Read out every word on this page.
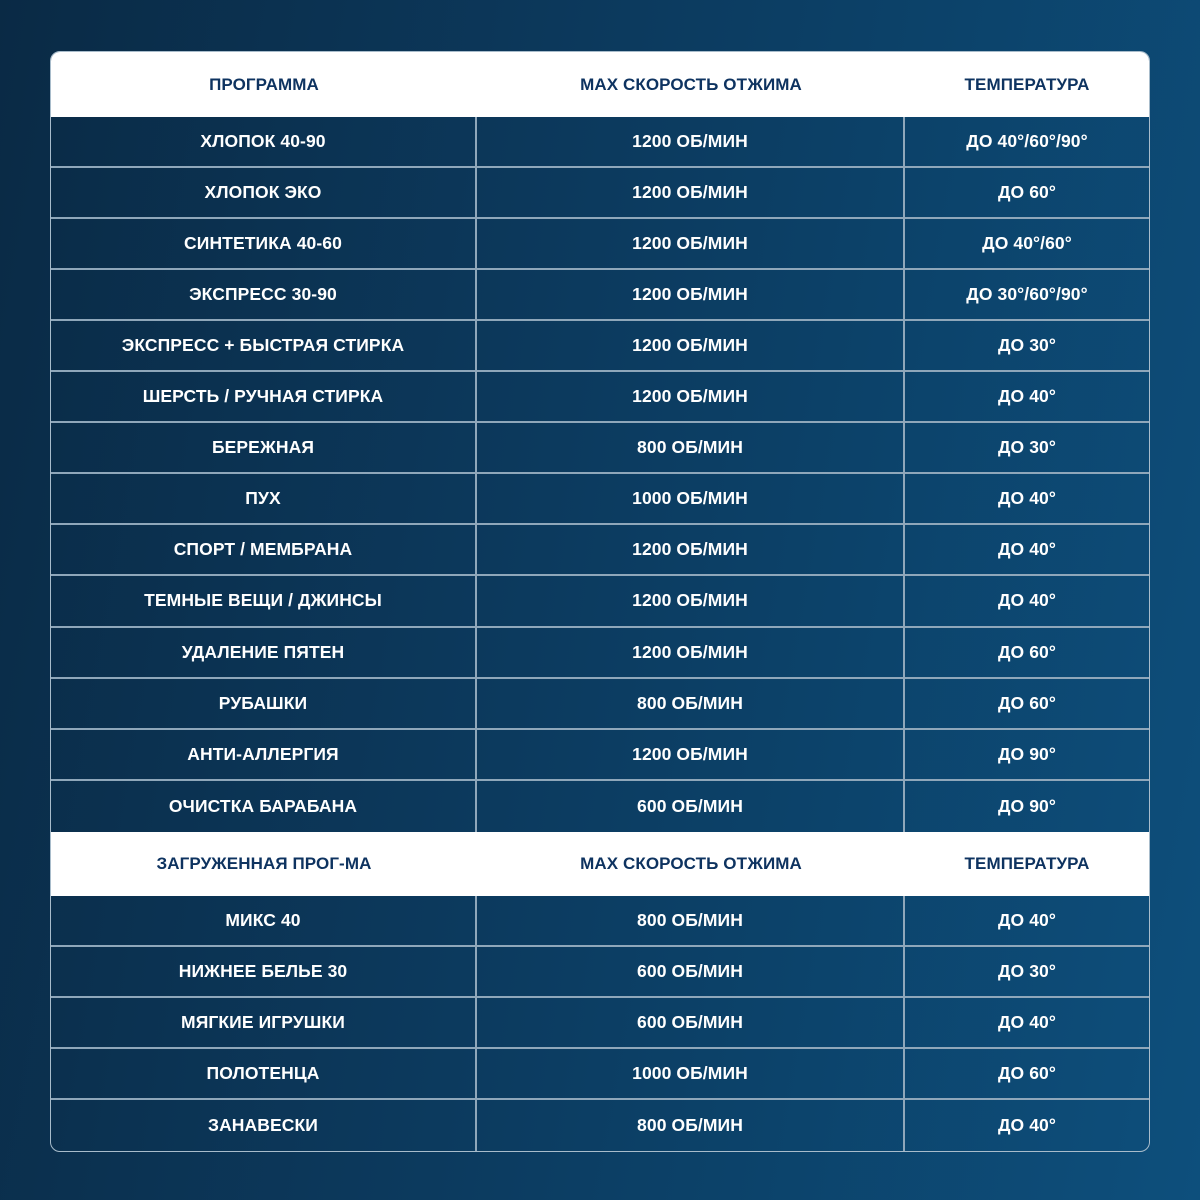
ПРОГРАММА	MAX СКОРОСТЬ ОТЖИМА	ТЕМПЕРАТУРА
ХЛОПОК 40-90	1200 ОБ/МИН	ДО 40°/60°/90°
ХЛОПОК ЭКО	1200 ОБ/МИН	ДО 60°
СИНТЕТИКА 40-60	1200 ОБ/МИН	ДО 40°/60°
ЭКСПРЕСС 30-90	1200 ОБ/МИН	ДО 30°/60°/90°
ЭКСПРЕСС + БЫСТРАЯ СТИРКА	1200 ОБ/МИН	ДО 30°
ШЕРСТЬ / РУЧНАЯ СТИРКА	1200 ОБ/МИН	ДО 40°
БЕРЕЖНАЯ	800 ОБ/МИН	ДО 30°
ПУХ	1000 ОБ/МИН	ДО 40°
СПОРТ / МЕМБРАНА	1200 ОБ/МИН	ДО 40°
ТЕМНЫЕ ВЕЩИ / ДЖИНСЫ	1200 ОБ/МИН	ДО 40°
УДАЛЕНИЕ ПЯТЕН	1200 ОБ/МИН	ДО 60°
РУБАШКИ	800 ОБ/МИН	ДО 60°
АНТИ-АЛЛЕРГИЯ	1200 ОБ/МИН	ДО 90°
ОЧИСТКА БАРАБАНА	600 ОБ/МИН	ДО 90°
ЗАГРУЖЕННАЯ ПРОГ-МА	MAX СКОРОСТЬ ОТЖИМА	ТЕМПЕРАТУРА
МИКС 40	800 ОБ/МИН	ДО 40°
НИЖНЕЕ БЕЛЬЕ 30	600 ОБ/МИН	ДО 30°
МЯГКИЕ ИГРУШКИ	600 ОБ/МИН	ДО 40°
ПОЛОТЕНЦА	1000 ОБ/МИН	ДО 60°
ЗАНАВЕСКИ	800 ОБ/МИН	ДО 40°
